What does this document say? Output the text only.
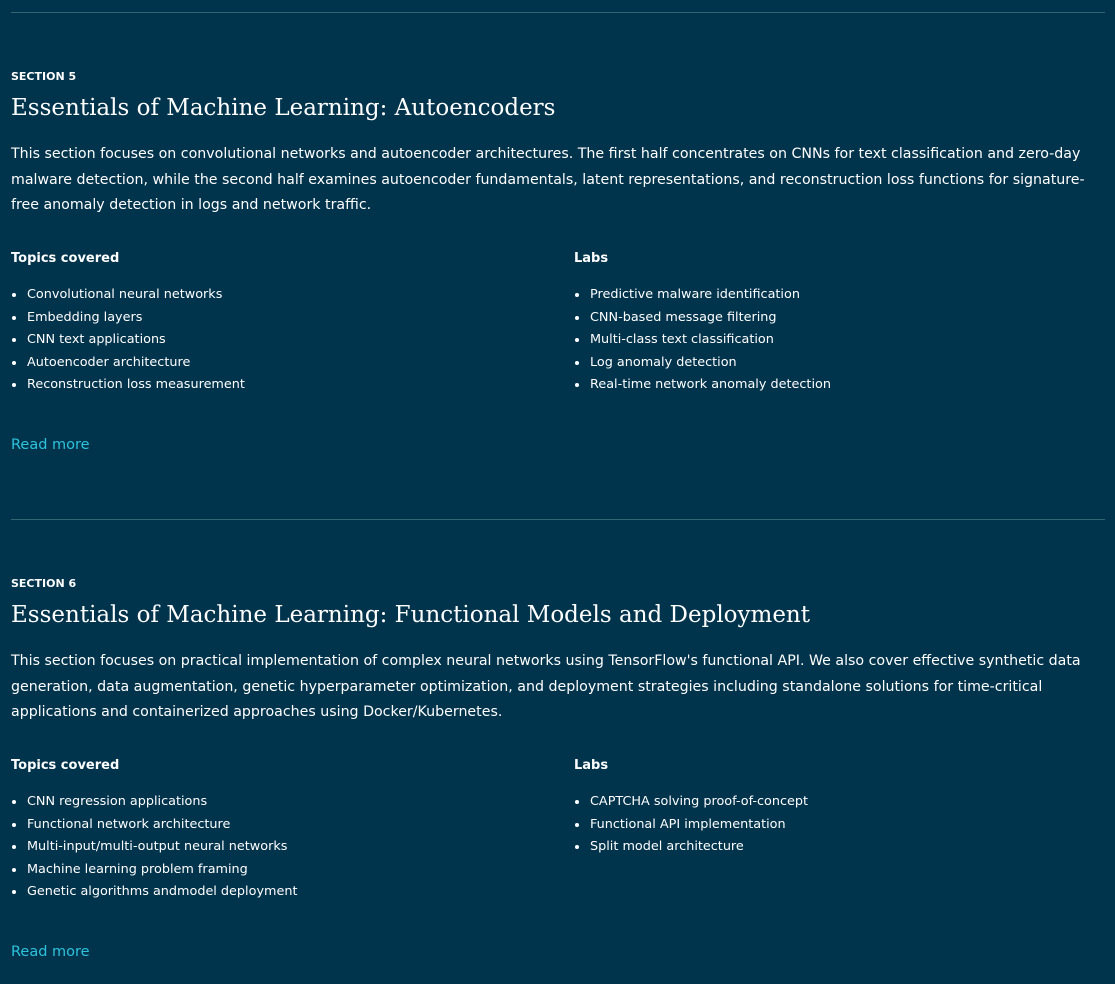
SECTION 5
Essentials of Machine Learning: Autoencoders

This section focuses on convolutional networks and autoencoder architectures. The first half concentrates on CNNs for text classification and zero-day malware detection, while the second half examines autoencoder fundamentals, latent representations, and reconstruction loss functions for signature-free anomaly detection in logs and network traffic.

Topics covered
Convolutional neural networks
Embedding layers
CNN text applications
Autoencoder architecture
Reconstruction loss measurement
Labs
Predictive malware identification
CNN-based message filtering
Multi-class text classification
Log anomaly detection
Real-time network anomaly detection
Read more
SECTION 6
Essentials of Machine Learning: Functional Models and Deployment

This section focuses on practical implementation of complex neural networks using TensorFlow's functional API. We also cover effective synthetic data generation, data augmentation, genetic hyperparameter optimization, and deployment strategies including standalone solutions for time-critical applications and containerized approaches using Docker/Kubernetes.

Topics covered
CNN regression applications
Functional network architecture
Multi-input/multi-output neural networks
Machine learning problem framing
Genetic algorithms andmodel deployment
Labs
CAPTCHA solving proof-of-concept
Functional API implementation
Split model architecture
Read more
